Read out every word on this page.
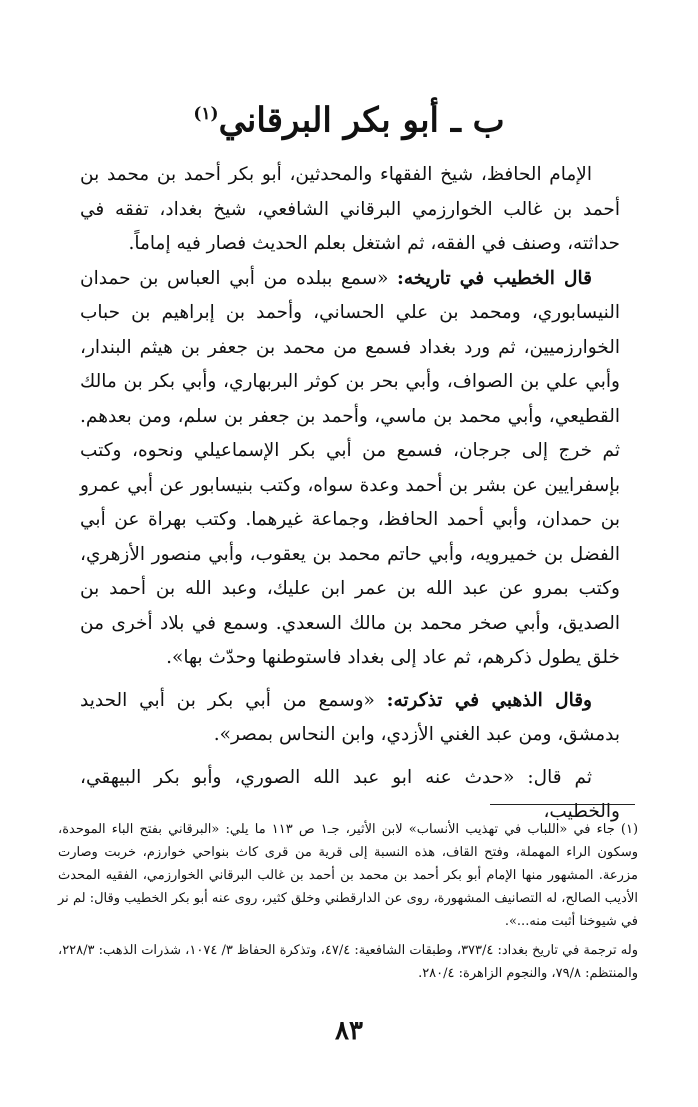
ب ـ أبو بكر البرقاني$^{(١)}$

الإمام الحافظ، شيخ الفقهاء والمحدثين، أبو بكر أحمد بن محمد بن أحمد بن غالب الخوارزمي البرقاني الشافعي، شيخ بغداد، تفقه في حداثته، وصنف في الفقه، ثم اشتغل بعلم الحديث فصار فيه إماماً.

قال الخطيب في تاريخه: «سمع ببلده من أبي العباس بن حمدان النيسابوري، ومحمد بن علي الحساني، وأحمد بن إبراهيم بن حباب الخوارزميين، ثم ورد بغداد فسمع من محمد بن جعفر بن هيثم البندار، وأبي علي بن الصواف، وأبي بحر بن كوثر البربهاري، وأبي بكر بن مالك القطيعي، وأبي محمد بن ماسي، وأحمد بن جعفر بن سلم، ومن بعدهم. ثم خرج إلى جرجان، فسمع من أبي بكر الإسماعيلي ونحوه، وكتب بإسفرايين عن بشر بن أحمد وعدة سواه، وكتب بنيسابور عن أبي عمرو بن حمدان، وأبي أحمد الحافظ، وجماعة غيرهما. وكتب بهراة عن أبي الفضل بن خميرويه، وأبي حاتم محمد بن يعقوب، وأبي منصور الأزهري، وكتب بمرو عن عبد الله بن عمر ابن عليك، وعبد الله بن أحمد بن الصديق، وأبي صخر محمد بن مالك السعدي. وسمع في بلاد أخرى من خلق يطول ذكرهم، ثم عاد إلى بغداد فاستوطنها وحدّث بها».

وقال الذهبي في تذكرته: «وسمع من أبي بكر بن أبي الحديد بدمشق، ومن عبد الغني الأزدي، وابن النحاس بمصر».

ثم قال: «حدث عنه ابو عبد الله الصوري، وأبو بكر البيهقي، والخطيب،

(١) جاء في «اللباب في تهذيب الأنساب» لابن الأثير، جـ١ ص ١١٣ ما يلي: «البرقاني بفتح الباء الموحدة، وسكون الراء المهملة، وفتح القاف، هذه النسبة إلى قرية من قرى كاث بنواحي خوارزم، خربت وصارت مزرعة. المشهور منها الإمام أبو بكر أحمد بن محمد بن أحمد بن غالب البرقاني الخوارزمي، الفقيه المحدث الأديب الصالح، له التصانيف المشهورة، روى عن الدارقطني وخلق كثير، روى عنه أبو بكر الخطيب وقال: لم نر في شيوخنا أثبت منه...».

وله ترجمة في تاريخ بغداد: ٣٧٣/٤، وطبقات الشافعية: ٤٧/٤، وتذكرة الحفاظ ٣/ ١٠٧٤، شذرات الذهب: ٢٢٨/٣، والمنتظم: ٧٩/٨، والنجوم الزاهرة: ٢٨٠/٤.

٨٣
